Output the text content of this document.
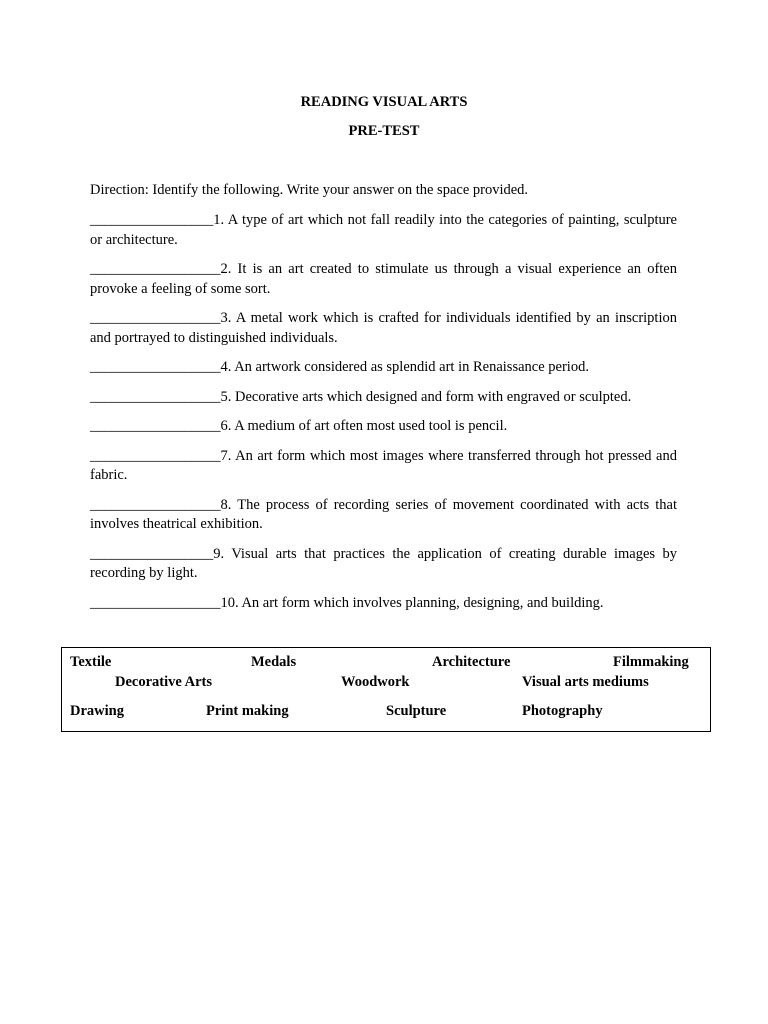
READING VISUAL ARTS
PRE-TEST
Direction: Identify the following. Write your answer on the space provided.

_________________1. A type of art which not fall readily into the categories of painting, sculpture or architecture.

__________________2. It is an art created to stimulate us through a visual experience an often provoke a feeling of some sort.

__________________3. A metal work which is crafted for individuals identified by an inscription and portrayed to distinguished individuals.

__________________4. An artwork considered as splendid art in Renaissance period.

__________________5. Decorative arts which designed and form with engraved or sculpted.

__________________6. A medium of art often most used tool is pencil.

__________________7. An art form which most images where transferred through hot pressed and fabric.

__________________8. The process of recording series of movement coordinated with acts that involves theatrical exhibition.

_________________9. Visual arts that practices the application of creating durable images by recording by light.

__________________10. An art form which involves planning, designing, and building.

Textile	Medals	Architecture	Filmmaking
Decorative Arts	Woodwork	Visual arts mediums
Drawing	Print making	Sculpture	Photography
